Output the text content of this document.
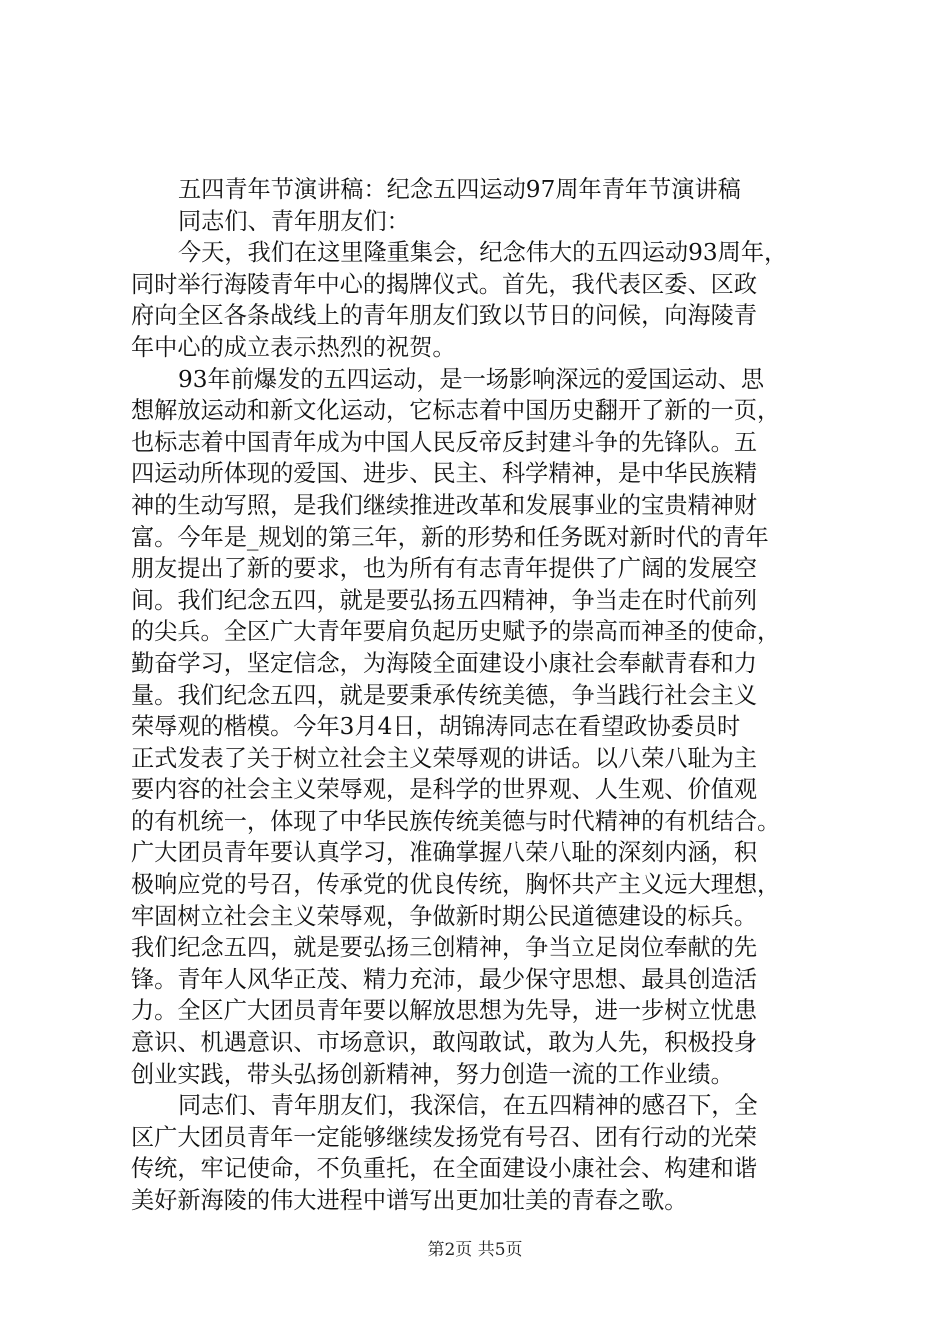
五四青年节演讲稿：纪念五四运动97周年青年节演讲稿

同志们、青年朋友们：

今天，我们在这里隆重集会，纪念伟大的五四运动93周年，
同时举行海陵青年中心的揭牌仪式。首先，我代表区委、区政
府向全区各条战线上的青年朋友们致以节日的问候，向海陵青
年中心的成立表示热烈的祝贺。

93年前爆发的五四运动，是一场影响深远的爱国运动、思
想解放运动和新文化运动，它标志着中国历史翻开了新的一页，
也标志着中国青年成为中国人民反帝反封建斗争的先锋队。五
四运动所体现的爱国、进步、民主、科学精神，是中华民族精
神的生动写照，是我们继续推进改革和发展事业的宝贵精神财
富。今年是_规划的第三年，新的形势和任务既对新时代的青年
朋友提出了新的要求，也为所有有志青年提供了广阔的发展空
间。我们纪念五四，就是要弘扬五四精神，争当走在时代前列
的尖兵。全区广大青年要肩负起历史赋予的崇高而神圣的使命，
勤奋学习，坚定信念，为海陵全面建设小康社会奉献青春和力
量。我们纪念五四，就是要秉承传统美德，争当践行社会主义
荣辱观的楷模。今年3月4日，胡锦涛同志在看望政协委员时
正式发表了关于树立社会主义荣辱观的讲话。以八荣八耻为主
要内容的社会主义荣辱观，是科学的世界观、人生观、价值观
的有机统一，体现了中华民族传统美德与时代精神的有机结合。
广大团员青年要认真学习，准确掌握八荣八耻的深刻内涵，积
极响应党的号召，传承党的优良传统，胸怀共产主义远大理想，
牢固树立社会主义荣辱观，争做新时期公民道德建设的标兵。
我们纪念五四，就是要弘扬三创精神，争当立足岗位奉献的先
锋。青年人风华正茂、精力充沛，最少保守思想、最具创造活
力。全区广大团员青年要以解放思想为先导，进一步树立忧患
意识、机遇意识、市场意识，敢闯敢试，敢为人先，积极投身
创业实践，带头弘扬创新精神，努力创造一流的工作业绩。

同志们、青年朋友们，我深信，在五四精神的感召下，全
区广大团员青年一定能够继续发扬党有号召、团有行动的光荣
传统，牢记使命，不负重托，在全面建设小康社会、构建和谐
美好新海陵的伟大进程中谱写出更加壮美的青春之歌。

第2页 共5页
